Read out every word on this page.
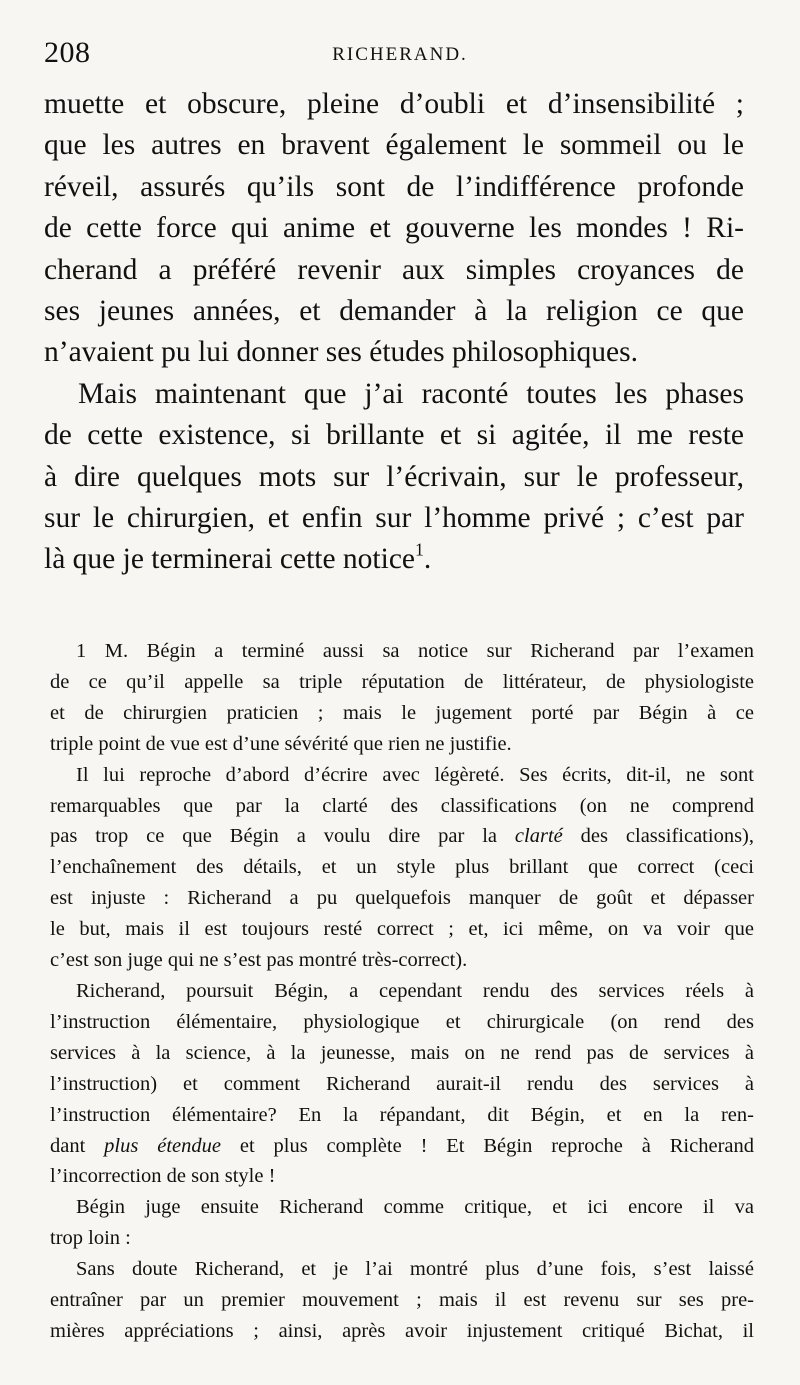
208	RICHERAND.
muette et obscure, pleine d’oubli et d’insensibilité ;
que les autres en bravent également le sommeil ou le
réveil, assurés qu’ils sont de l’indifférence profonde
de cette force qui anime et gouverne les mondes ! Ri-
cherand a préféré revenir aux simples croyances de
ses jeunes années, et demander à la religion ce que
n’avaient pu lui donner ses études philosophiques.
Mais maintenant que j’ai raconté toutes les phases
de cette existence, si brillante et si agitée, il me reste
à dire quelques mots sur l’écrivain, sur le professeur,
sur le chirurgien, et enfin sur l’homme privé ; c’est par
là que je terminerai cette notice$^1$.
1 M. Bégin a terminé aussi sa notice sur Richerand par l’examen
de ce qu’il appelle sa triple réputation de littérateur, de physiologiste
et de chirurgien praticien ; mais le jugement porté par Bégin à ce
triple point de vue est d’une sévérité que rien ne justifie.
Il lui reproche d’abord d’écrire avec légèreté. Ses écrits, dit-il, ne sont
remarquables que par la clarté des classifications (on ne comprend
pas trop ce que Bégin a voulu dire par la clarté des classifications),
l’enchaînement des détails, et un style plus brillant que correct (ceci
est injuste : Richerand a pu quelquefois manquer de goût et dépasser
le but, mais il est toujours resté correct ; et, ici même, on va voir que
c’est son juge qui ne s’est pas montré très-correct).
Richerand, poursuit Bégin, a cependant rendu des services réels à
l’instruction élémentaire, physiologique et chirurgicale (on rend des
services à la science, à la jeunesse, mais on ne rend pas de services à
l’instruction) et comment Richerand aurait-il rendu des services à
l’instruction élémentaire? En la répandant, dit Bégin, et en la ren-
dant plus étendue et plus complète ! Et Bégin reproche à Richerand
l’incorrection de son style !
Bégin juge ensuite Richerand comme critique, et ici encore il va
trop loin :
Sans doute Richerand, et je l’ai montré plus d’une fois, s’est laissé
entraîner par un premier mouvement ; mais il est revenu sur ses pre-
mières appréciations ; ainsi, après avoir injustement critiqué Bichat, il
